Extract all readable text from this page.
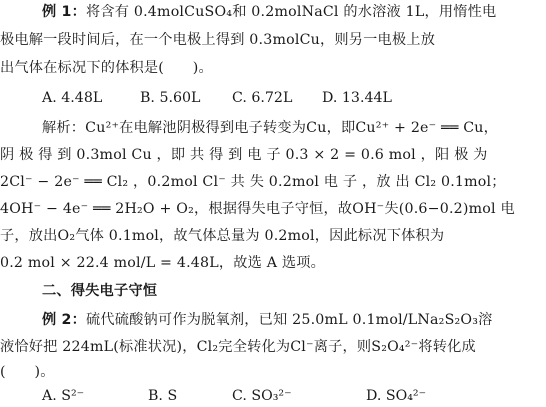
例 1：将含有 0.4molCuSO₄和 0.2molNaCl 的水溶液 1L，用惰性电
极电解一段时间后，在一个电极上得到 0.3molCu，则另一电极上放
出气体在标况下的体积是(　　)。
A. 4.48L	B. 5.60L C. 6.72L D. 13.44L
解析：Cu²⁺在电解池阴极得到电子转变为Cu，即Cu²⁺ + 2e⁻ ══ Cu，
阴 极 得 到 0.3mol Cu ，即 共 得 到 电 子 0.3 × 2 = 0.6 mol ，阳 极 为
2Cl⁻ − 2e⁻ ══ Cl₂ ，0.2mol Cl⁻ 共 失 0.2mol 电 子 ，放 出 Cl₂ 0.1mol；
4OH⁻ − 4e⁻ ══ 2H₂O + O₂，根据得失电子守恒，故OH⁻失(0.6−0.2)mol 电
子，放出O₂气体 0.1mol，故气体总量为 0.2mol，因此标况下体积为
0.2 mol × 22.4 mol/L = 4.48L，故选 A 选项。
二、得失电子守恒
例 2：硫代硫酸钠可作为脱氧剂，已知 25.0mL 0.1mol/LNa₂S₂O₃溶
液恰好把 224mL(标准状况)，Cl₂完全转化为Cl⁻离子，则S₂O₄²⁻将转化成
(　　)。
A. S²⁻	B. S	C. SO₃²⁻	D. SO₄²⁻
